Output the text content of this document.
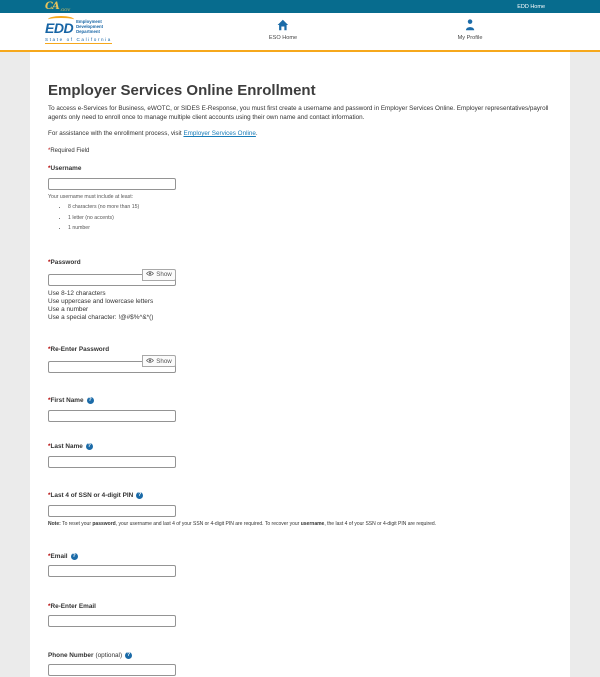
CA .GOV	EDD Home
EDD Employment
Development
Department
State of California	ESO Home	My Profile
Employer Services Online Enrollment

To access e-Services for Business, eWOTC, or SIDES E-Response, you must first create a username and password in Employer Services Online. Employer representatives/payroll agents only need to enroll once to manage multiple client accounts using their own name and contact information.

For assistance with the enrollment process, visit Employer Services Online.

*Required Field
* Username
Your username must include at least:
• 8 characters (no more than 15)
• 1 letter (no accents)
• 1 number
* Password
Show
Use 8-12 characters
Use uppercase and lowercase letters
Use a number
Use a special character: !@#$%^&*()
* Re-Enter Password
Show
* First Name
?
* Last Name
?
* Last 4 of SSN or 4-digit PIN
?
Note: To reset your password, your username and last 4 of your SSN or 4-digit PIN are required. To recover your username, the last 4 of your SSN or 4-digit PIN are required.
* Email
?
* Re-Enter Email
Phone Number (optional)
?
